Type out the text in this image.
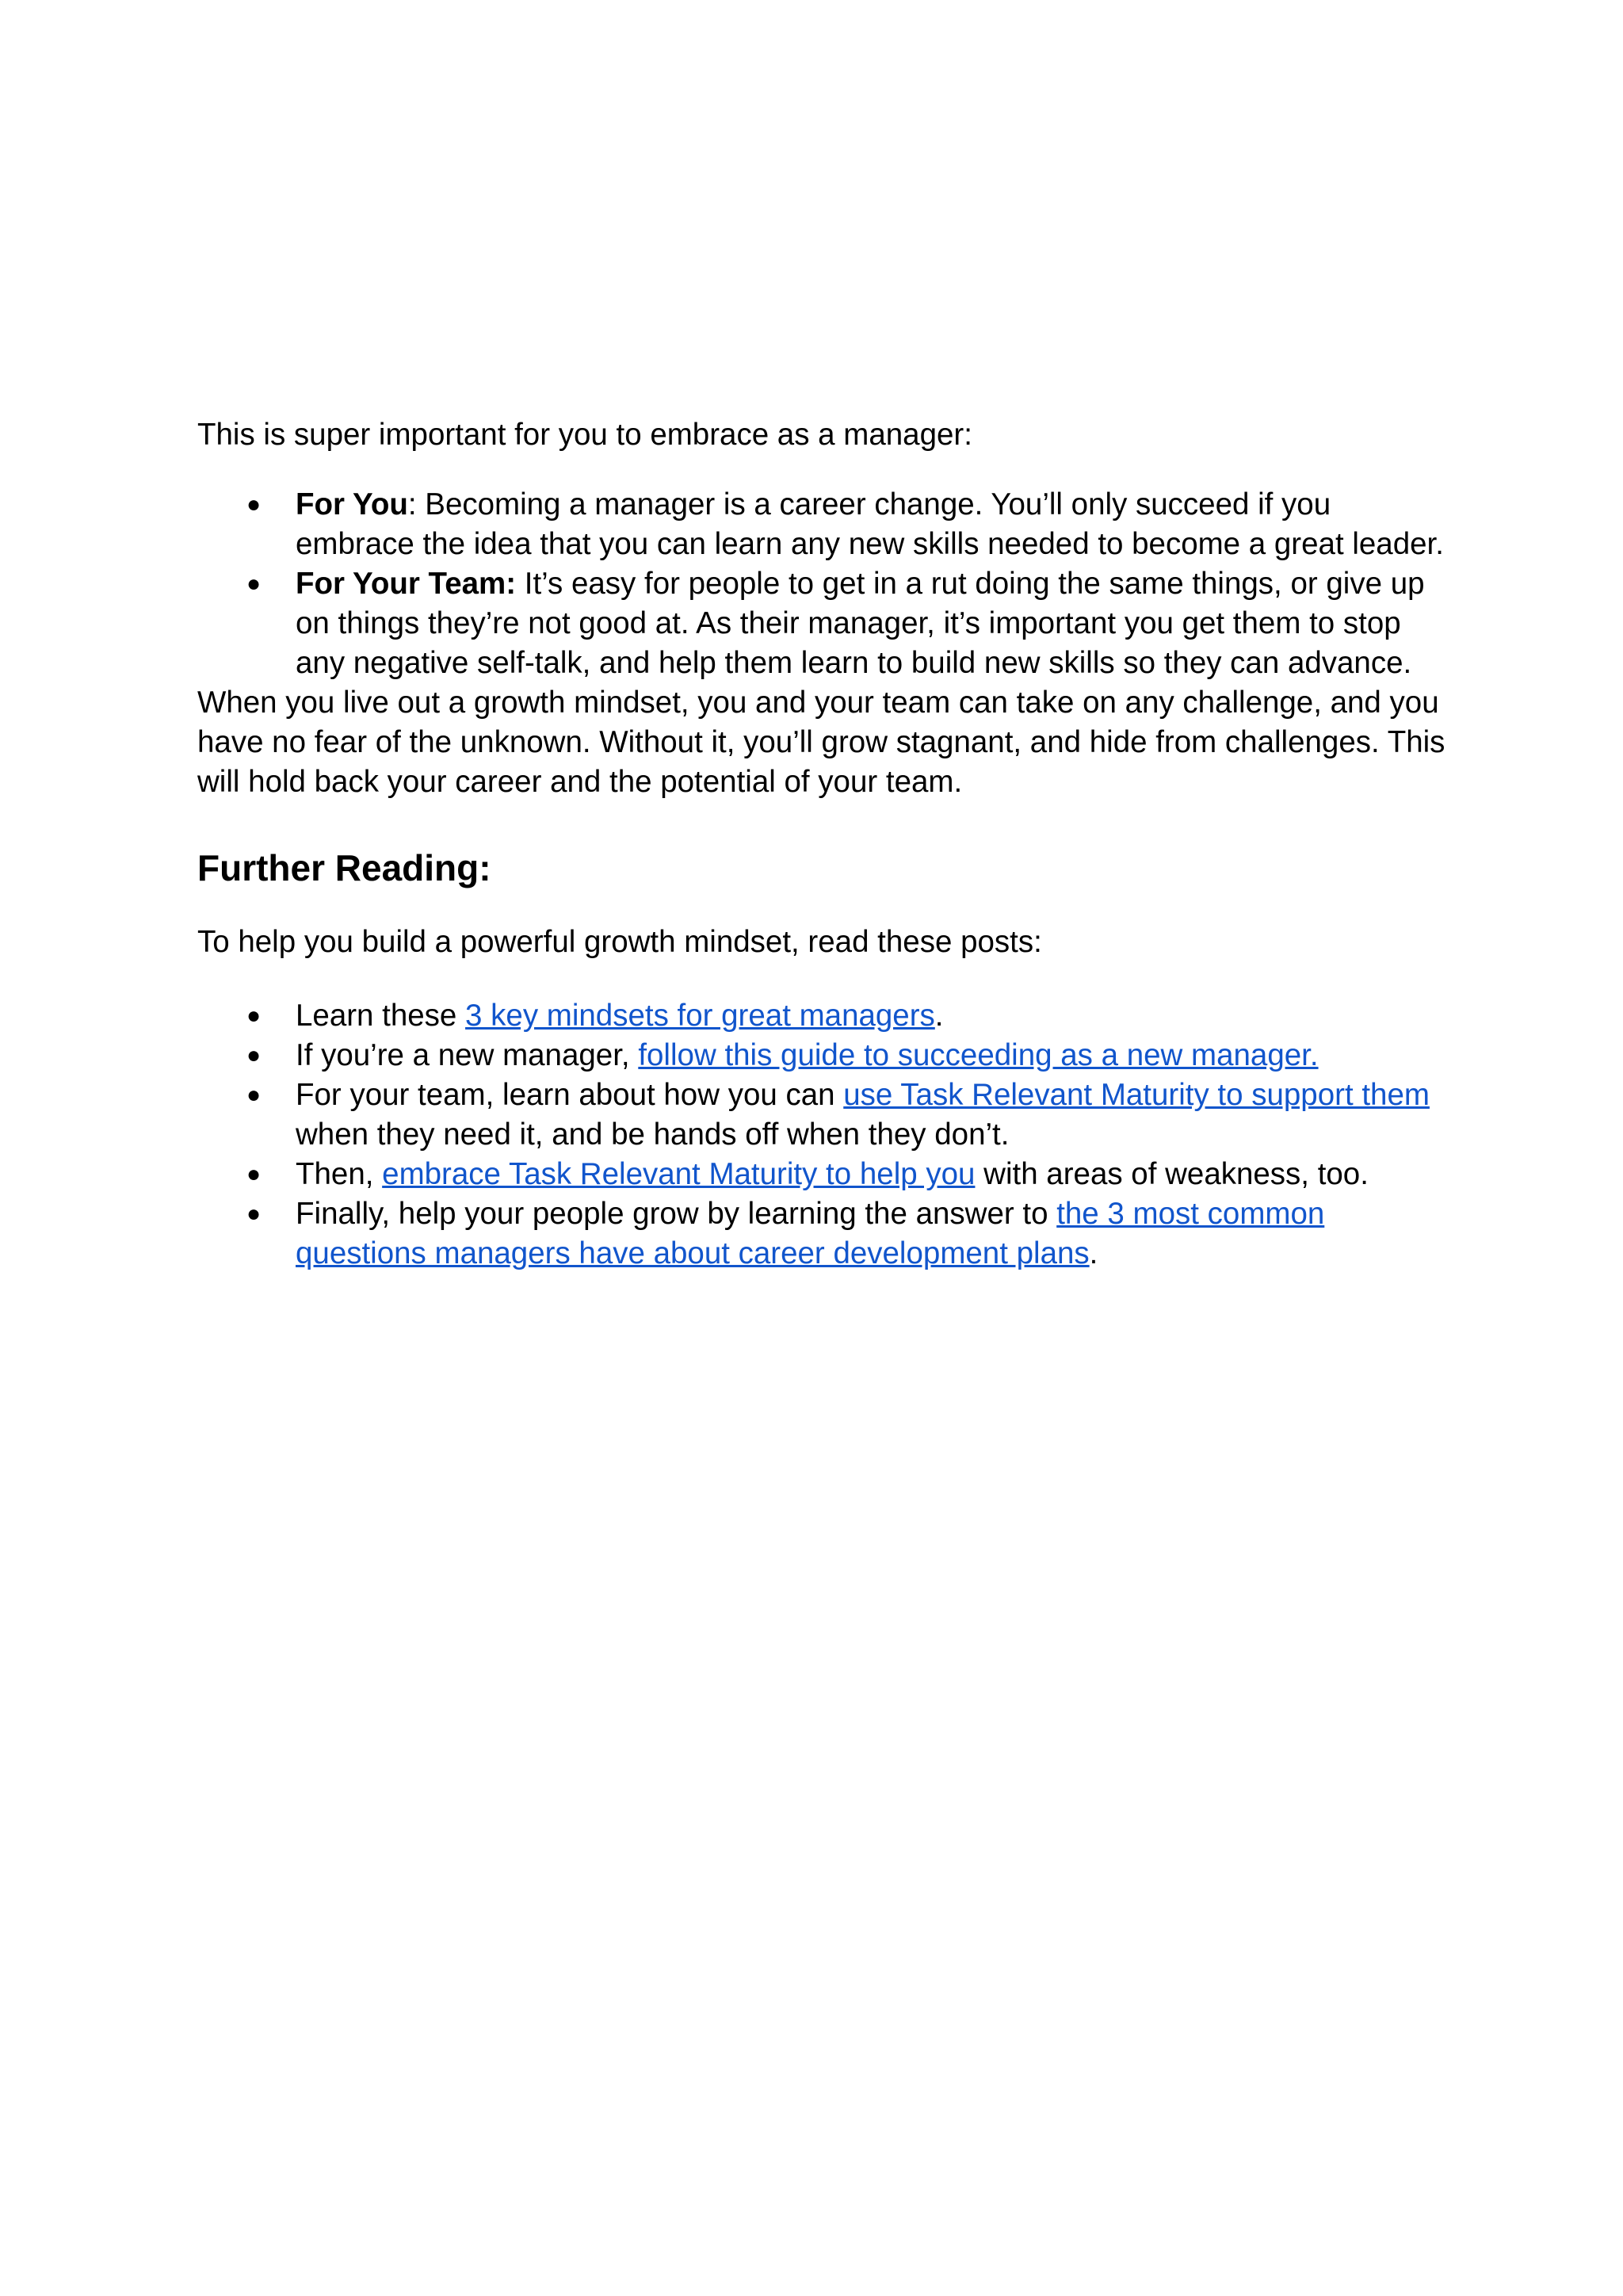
This is super important for you to embrace as a manager:

● For You: Becoming a manager is a career change. You’ll only succeed if you embrace the idea that you can learn any new skills needed to become a great leader.
● For Your Team: It’s easy for people to get in a rut doing the same things, or give up on things they’re not good at. As their manager, it’s important you get them to stop any negative self-talk, and help them learn to build new skills so they can advance.

When you live out a growth mindset, you and your team can take on any challenge, and you have no fear of the unknown. Without it, you’ll grow stagnant, and hide from challenges. This will hold back your career and the potential of your team.

Further Reading:

To help you build a powerful growth mindset, read these posts:

● Learn these 3 key mindsets for great managers.
● If you’re a new manager, follow this guide to succeeding as a new manager.
● For your team, learn about how you can use Task Relevant Maturity to support them when they need it, and be hands off when they don’t.
● Then, embrace Task Relevant Maturity to help you with areas of weakness, too.
● Finally, help your people grow by learning the answer to the 3 most common questions managers have about career development plans.
